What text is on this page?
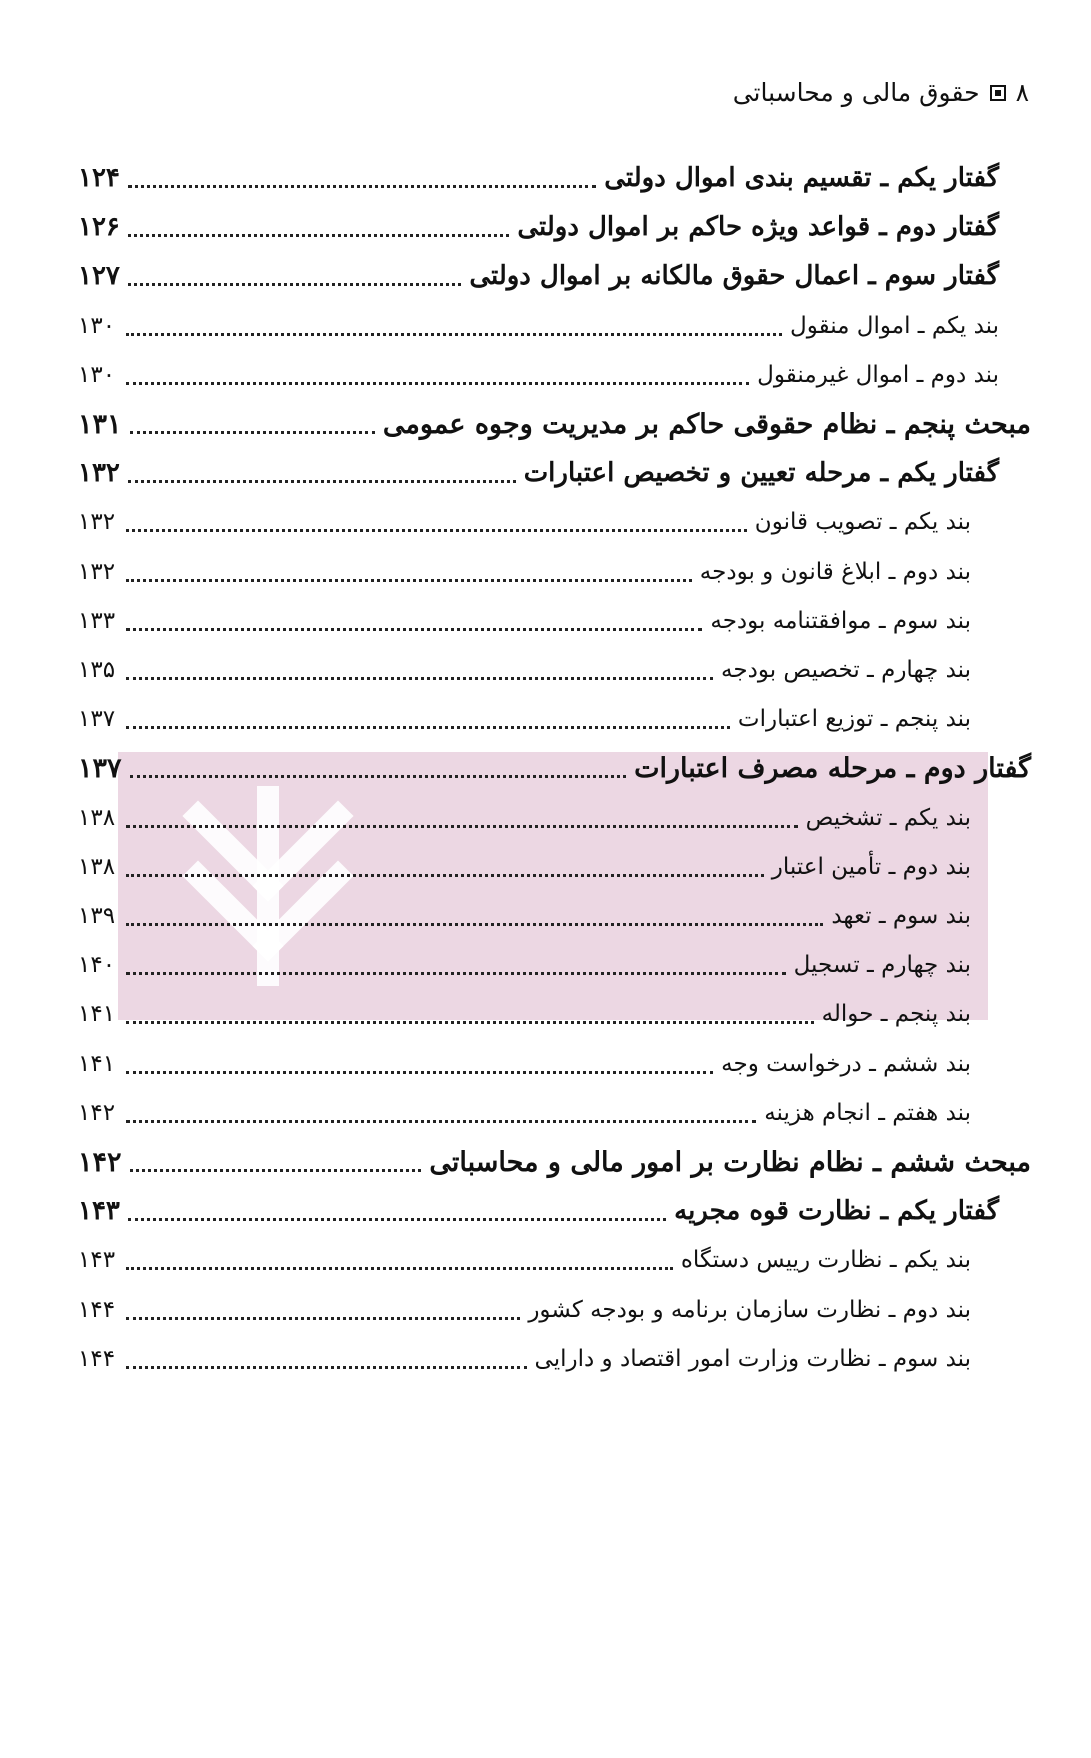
۸
حقوق مالی و محاسباتی
گفتار یکم ـ تقسیم بندی اموال دولتی
۱۲۴
گفتار دوم ـ قواعد ویژه حاکم بر اموال دولتی
۱۲۶
گفتار سوم ـ اعمال حقوق مالکانه بر اموال دولتی
۱۲۷
بند یکم ـ اموال منقول
۱۳۰
بند دوم ـ اموال غیرمنقول
۱۳۰
مبحث پنجم ـ نظام حقوقی حاکم بر مدیریت وجوه عمومی
۱۳۱
گفتار یکم ـ مرحله تعیین و تخصیص اعتبارات
۱۳۲
بند یکم ـ تصویب قانون
۱۳۲
بند دوم ـ ابلاغ قانون و بودجه
۱۳۲
بند سوم ـ موافقتنامه بودجه
۱۳۳
بند چهارم ـ تخصیص بودجه
۱۳۵
بند پنجم ـ توزیع اعتبارات
۱۳۷
گفتار دوم ـ مرحله مصرف اعتبارات
۱۳۷
بند یکم ـ تشخیص
۱۳۸
بند دوم ـ تأمین اعتبار
۱۳۸
بند سوم ـ تعهد
۱۳۹
بند چهارم ـ تسجیل
۱۴۰
بند پنجم ـ حواله
۱۴۱
بند ششم ـ درخواست وجه
۱۴۱
بند هفتم ـ انجام هزینه
۱۴۲
مبحث ششم ـ نظام نظارت بر امور مالی و محاسباتی
۱۴۲
گفتار یکم ـ نظارت قوه مجریه
۱۴۳
بند یکم ـ نظارت رییس دستگاه
۱۴۳
بند دوم ـ نظارت سازمان برنامه و بودجه کشور
۱۴۴
بند سوم ـ نظارت وزارت امور اقتصاد و دارایی
۱۴۴
